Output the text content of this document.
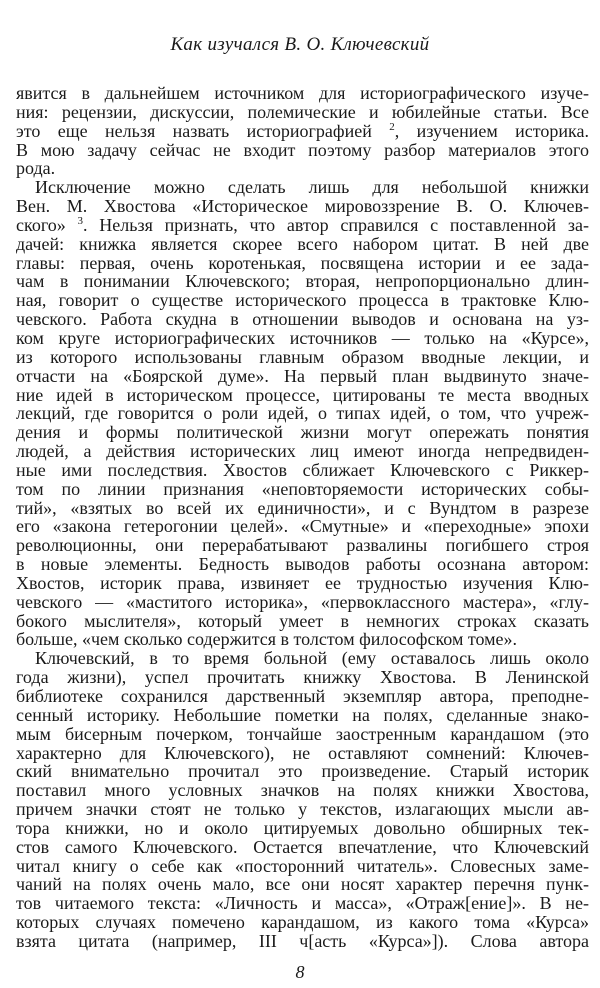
Как изучался В. О. Ключевский
явится в дальнейшем источником для историографического изуче-
ния: рецензии, дискуссии, полемические и юбилейные статьи. Все
это еще нельзя назвать историографией $^2$, изучением историка.
В мою задачу сейчас не входит поэтому разбор материалов этого
рода.
Исключение можно сделать лишь для небольшой книжки
Вен. М. Хвостова «Историческое мировоззрение В. О. Ключев-
ского» $^3$. Нельзя признать, что автор справился с поставленной за-
дачей: книжка является скорее всего набором цитат. В ней две
главы: первая, очень коротенькая, посвящена истории и ее зада-
чам в понимании Ключевского; вторая, непропорционально длин-
ная, говорит о существе исторического процесса в трактовке Клю-
чевского. Работа скудна в отношении выводов и основана на уз-
ком круге историографических источников — только на «Курсе»,
из которого использованы главным образом вводные лекции, и
отчасти на «Боярской думе». На первый план выдвинуто значе-
ние идей в историческом процессе, цитированы те места вводных
лекций, где говорится о роли идей, о типах идей, о том, что учреж-
дения и формы политической жизни могут опережать понятия
людей, а действия исторических лиц имеют иногда непредвиден-
ные ими последствия. Хвостов сближает Ключевского с Риккер-
том по линии признания «неповторяемости исторических собы-
тий», «взятых во всей их единичности», и с Вундтом в разрезе
его «закона гетерогонии целей». «Смутные» и «переходные» эпохи
революционны, они перерабатывают развалины погибшего строя
в новые элементы. Бедность выводов работы осознана автором:
Хвостов, историк права, извиняет ее трудностью изучения Клю-
чевского — «маститого историка», «первоклассного мастера», «глу-
бокого мыслителя», который умеет в немногих строках сказать
больше, «чем сколько содержится в толстом философском томе».
Ключевский, в то время больной (ему оставалось лишь около
года жизни), успел прочитать книжку Хвостова. В Ленинской
библиотеке сохранился дарственный экземпляр автора, преподне-
сенный историку. Небольшие пометки на полях, сделанные знако-
мым бисерным почерком, тончайше заостренным карандашом (это
характерно для Ключевского), не оставляют сомнений: Ключев-
ский внимательно прочитал это произведение. Старый историк
поставил много условных значков на полях книжки Хвостова,
причем значки стоят не только у текстов, излагающих мысли ав-
тора книжки, но и около цитируемых довольно обширных тек-
стов самого Ключевского. Остается впечатление, что Ключевский
читал книгу о себе как «посторонний читатель». Словесных заме-
чаний на полях очень мало, все они носят характер перечня пунк-
тов читаемого текста: «Личность и масса», «Отраж[ение]». В не-
которых случаях помечено карандашом, из какого тома «Курса»
взята цитата (например, III ч[асть «Курса»]). Слова автора
8
